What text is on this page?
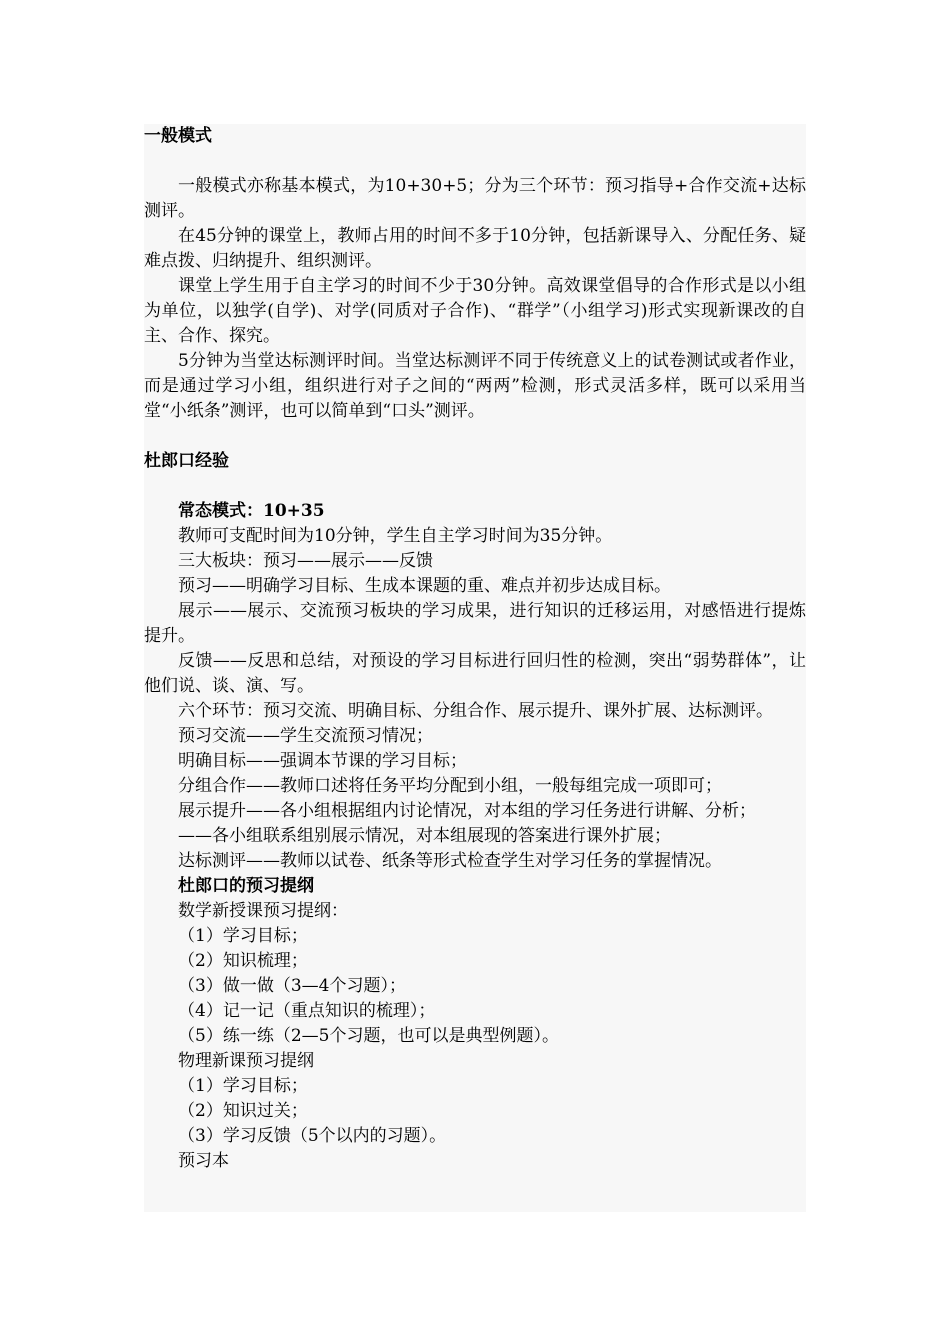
一般模式

一般模式亦称基本模式，为10+30+5；分为三个环节：预习指导+合作交流+达标测评。

在45分钟的课堂上，教师占用的时间不多于10分钟，包括新课导入、分配任务、疑难点拨、归纳提升、组织测评。

课堂上学生用于自主学习的时间不少于30分钟。高效课堂倡导的合作形式是以小组为单位，以独学(自学)、对学(同质对子合作)、“群学”（小组学习)形式实现新课改的自主、合作、探究。

5分钟为当堂达标测评时间。当堂达标测评不同于传统意义上的试卷测试或者作业，而是通过学习小组，组织进行对子之间的“两两”检测，形式灵活多样，既可以采用当堂“小纸条”测评，也可以简单到“口头”测评。

杜郎口经验

常态模式：10+35

教师可支配时间为10分钟，学生自主学习时间为35分钟。

三大板块：预习——展示——反馈

预习——明确学习目标、生成本课题的重、难点并初步达成目标。

展示——展示、交流预习板块的学习成果，进行知识的迁移运用，对感悟进行提炼提升。

反馈——反思和总结，对预设的学习目标进行回归性的检测，突出“弱势群体”，让他们说、谈、演、写。

六个环节：预习交流、明确目标、分组合作、展示提升、课外扩展、达标测评。

预习交流——学生交流预习情况；

明确目标——强调本节课的学习目标；

分组合作——教师口述将任务平均分配到小组，一般每组完成一项即可；

展示提升——各小组根据组内讨论情况，对本组的学习任务进行讲解、分析；

——各小组联系组别展示情况，对本组展现的答案进行课外扩展；

达标测评——教师以试卷、纸条等形式检查学生对学习任务的掌握情况。

杜郎口的预习提纲

数学新授课预习提纲：

（1）学习目标；

（2）知识梳理；

（3）做一做（3—4个习题）；

（4）记一记（重点知识的梳理）；

（5）练一练（2—5个习题，也可以是典型例题）。

物理新课预习提纲

（1）学习目标；

（2）知识过关；

（3）学习反馈（5个以内的习题）。

预习本
